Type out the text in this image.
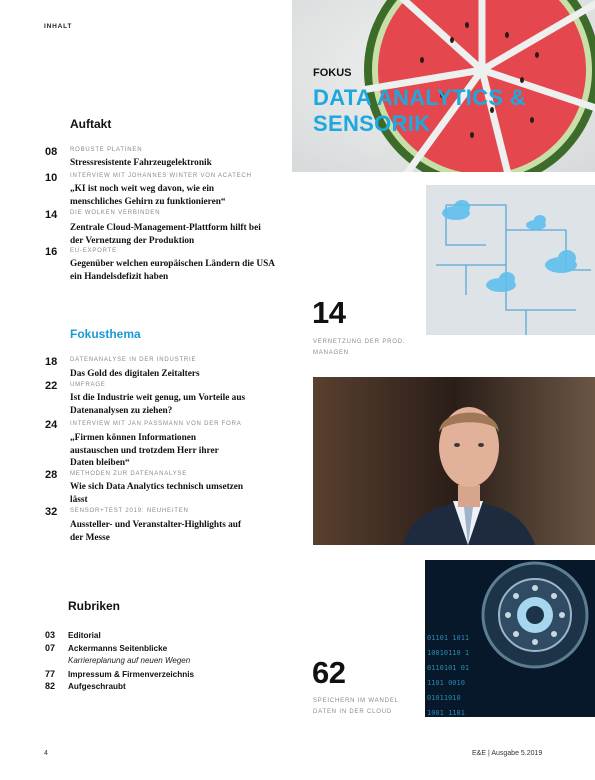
INHALT
FOKUS
DATA ANALYTICS &
SENSORIK
14
VERNETZUNG DER PROD.
MANAGEN
01101 1011
10010110 1
0110101 01
1101 0010
01011010
1001 1101
62
SPEICHERN IM WANDEL
DATEN IN DER CLOUD
Auftakt
08	ROBUSTE PLATINEN
Stressresistente Fahrzeugelektronik
10	INTERVIEW MIT JOHANNES WINTER VON ACATECH
„KI ist noch weit weg davon, wie ein menschliches Gehirn zu funktionieren“
14	DIE WOLKEN VERBINDEN
Zentrale Cloud-Management-Plattform hilft bei der Vernetzung der Produktion
16	EU-EXPORTE
Gegenüber welchen europäischen Ländern die USA ein Handelsdefizit haben
Fokusthema
18	DATENANALYSE IN DER INDUSTRIE
Das Gold des digitalen Zeitalters
22	UMFRAGE
Ist die Industrie weit genug, um Vorteile aus Datenanalysen zu ziehen?
24	INTERVIEW MIT JAN PASSMANN VON DER FORA
„Firmen können Informationen austauschen und trotzdem Herr ihrer Daten bleiben“
28	METHODEN ZUR DATENANALYSE
Wie sich Data Analytics technisch umsetzen lässt
32	SENSOR+TEST 2019: NEUHEITEN
Aussteller- und Veranstalter-Highlights auf der Messe
Rubriken
03 Editorial
07 Ackermanns Seitenblicke
Karriereplanung auf neuen Wegen
77 Impressum & Firmenverzeichnis
82 Aufgeschraubt
4	E&E | Ausgabe 5.2019
